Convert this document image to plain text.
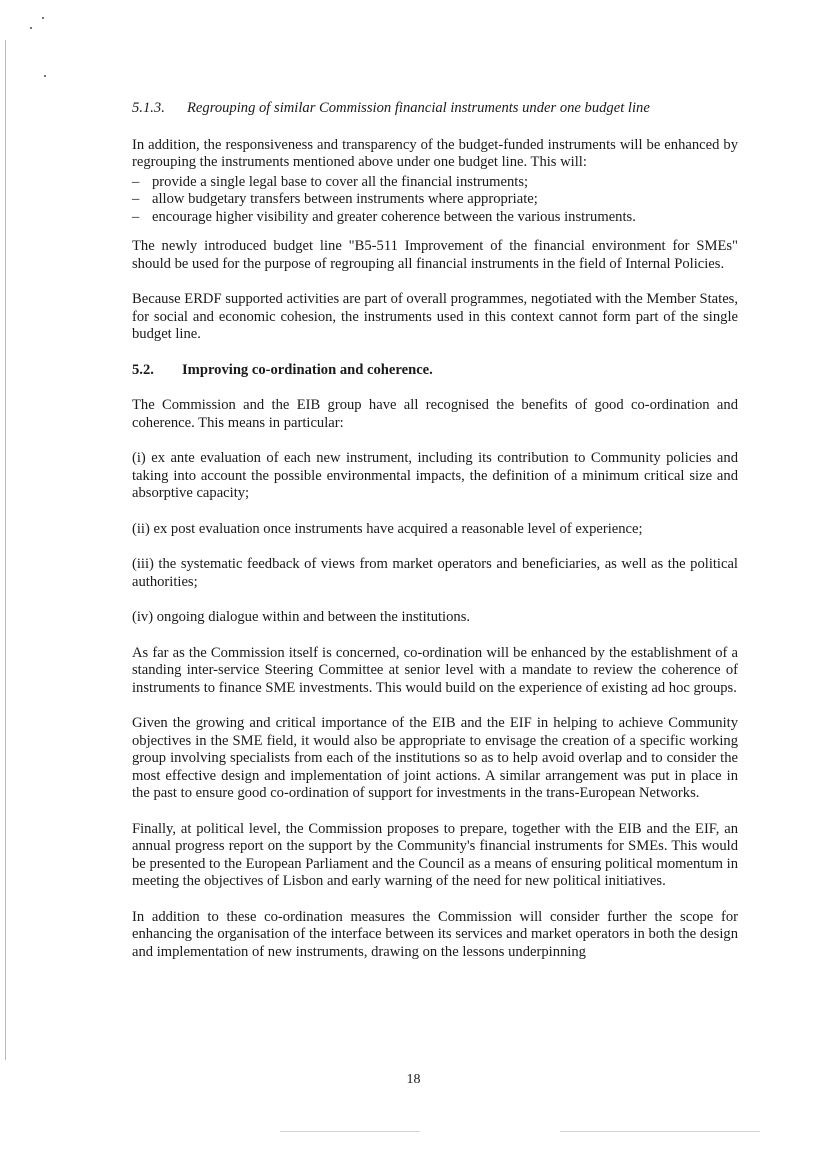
5.1.3. Regrouping of similar Commission financial instruments under one budget line

In addition, the responsiveness and transparency of the budget-funded instruments will be enhanced by regrouping the instruments mentioned above under one budget line. This will:

– provide a single legal base to cover all the financial instruments;
– allow budgetary transfers between instruments where appropriate;
– encourage higher visibility and greater coherence between the various instruments.

The newly introduced budget line "B5-511 Improvement of the financial environment for SMEs" should be used for the purpose of regrouping all financial instruments in the field of Internal Policies.

Because ERDF supported activities are part of overall programmes, negotiated with the Member States, for social and economic cohesion, the instruments used in this context cannot form part of the single budget line.

5.2. Improving co-ordination and coherence.

The Commission and the EIB group have all recognised the benefits of good co-ordination and coherence. This means in particular:

(i) ex ante evaluation of each new instrument, including its contribution to Community policies and taking into account the possible environmental impacts, the definition of a minimum critical size and absorptive capacity;

(ii) ex post evaluation once instruments have acquired a reasonable level of experience;

(iii) the systematic feedback of views from market operators and beneficiaries, as well as the political authorities;

(iv) ongoing dialogue within and between the institutions.

As far as the Commission itself is concerned, co-ordination will be enhanced by the establishment of a standing inter-service Steering Committee at senior level with a mandate to review the coherence of instruments to finance SME investments. This would build on the experience of existing ad hoc groups.

Given the growing and critical importance of the EIB and the EIF in helping to achieve Community objectives in the SME field, it would also be appropriate to envisage the creation of a specific working group involving specialists from each of the institutions so as to help avoid overlap and to consider the most effective design and implementation of joint actions. A similar arrangement was put in place in the past to ensure good co-ordination of support for investments in the trans-European Networks.

Finally, at political level, the Commission proposes to prepare, together with the EIB and the EIF, an annual progress report on the support by the Community's financial instruments for SMEs. This would be presented to the European Parliament and the Council as a means of ensuring political momentum in meeting the objectives of Lisbon and early warning of the need for new political initiatives.

In addition to these co-ordination measures the Commission will consider further the scope for enhancing the organisation of the interface between its services and market operators in both the design and implementation of new instruments, drawing on the lessons underpinning

18
